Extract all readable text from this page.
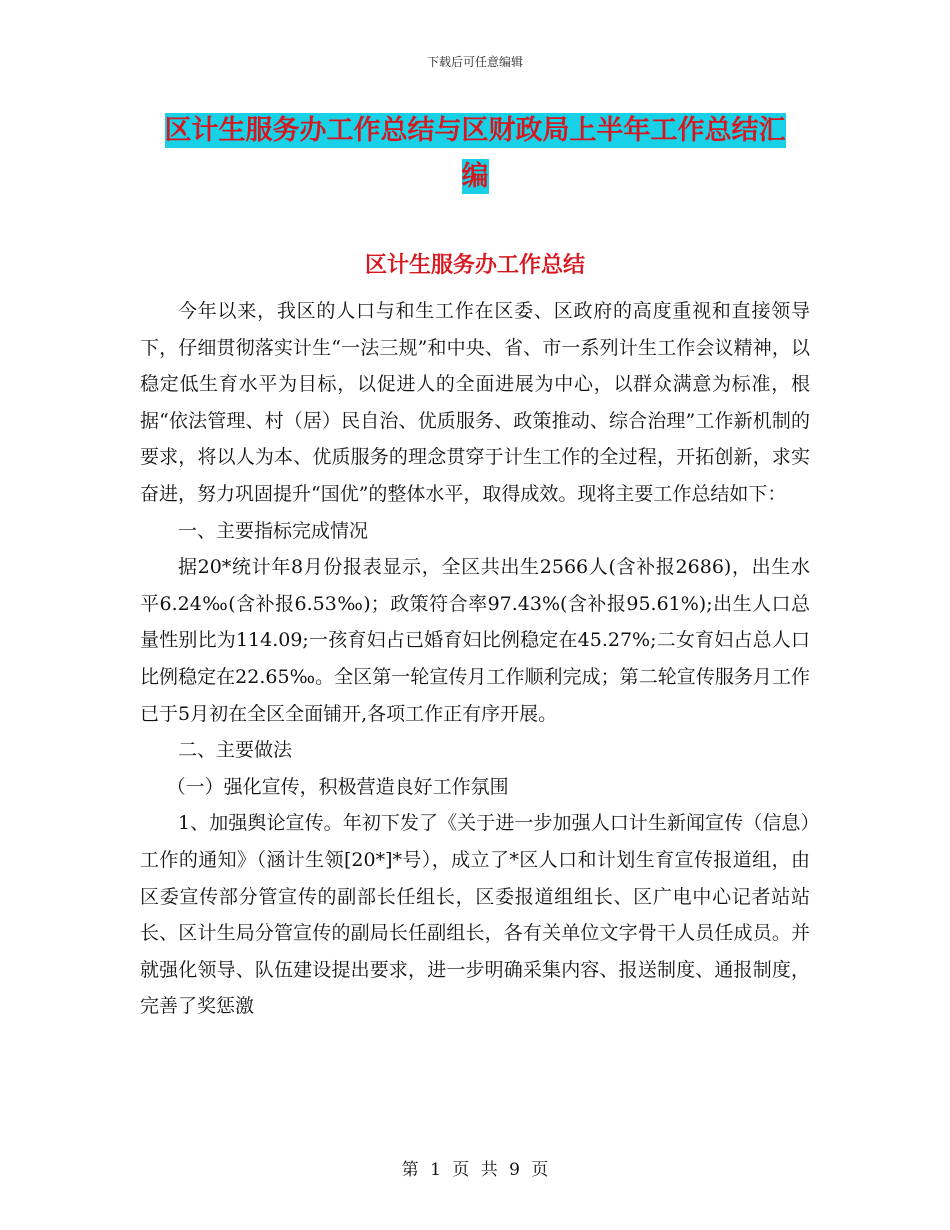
下载后可任意编辑
区计生服务办工作总结与区财政局上半年工作总结汇
编
区计生服务办工作总结

今年以来，我区的人口与和生工作在区委、区政府的高度重视和直接领导下，仔细贯彻落实计生“一法三规”和中央、省、市一系列计生工作会议精神，以稳定低生育水平为目标，以促进人的全面进展为中心，以群众满意为标准，根据“依法管理、村（居）民自治、优质服务、政策推动、综合治理”工作新机制的要求，将以人为本、优质服务的理念贯穿于计生工作的全过程，开拓创新，求实奋进，努力巩固提升“国优”的整体水平，取得成效。现将主要工作总结如下：

一、主要指标完成情况

据20*统计年8月份报表显示，全区共出生2566人(含补报2686)，出生水平6.24‰(含补报6.53‰)；政策符合率97.43%(含补报95.61%);出生人口总量性别比为114.09;一孩育妇占已婚育妇比例稳定在45.27%;二女育妇占总人口比例稳定在22.65‰。全区第一轮宣传月工作顺利完成；第二轮宣传服务月工作已于5月初在全区全面铺开,各项工作正有序开展。

二、主要做法

（一）强化宣传，积极营造良好工作氛围

1、加强舆论宣传。年初下发了《关于进一步加强人口计生新闻宣传（信息）工作的通知》（涵计生领[20*]*号），成立了*区人口和计划生育宣传报道组，由区委宣传部分管宣传的副部长任组长，区委报道组组长、区广电中心记者站站长、区计生局分管宣传的副局长任副组长，各有关单位文字骨干人员任成员。并就强化领导、队伍建设提出要求，进一步明确采集内容、报送制度、通报制度，完善了奖惩激

第 1 页 共 9 页
